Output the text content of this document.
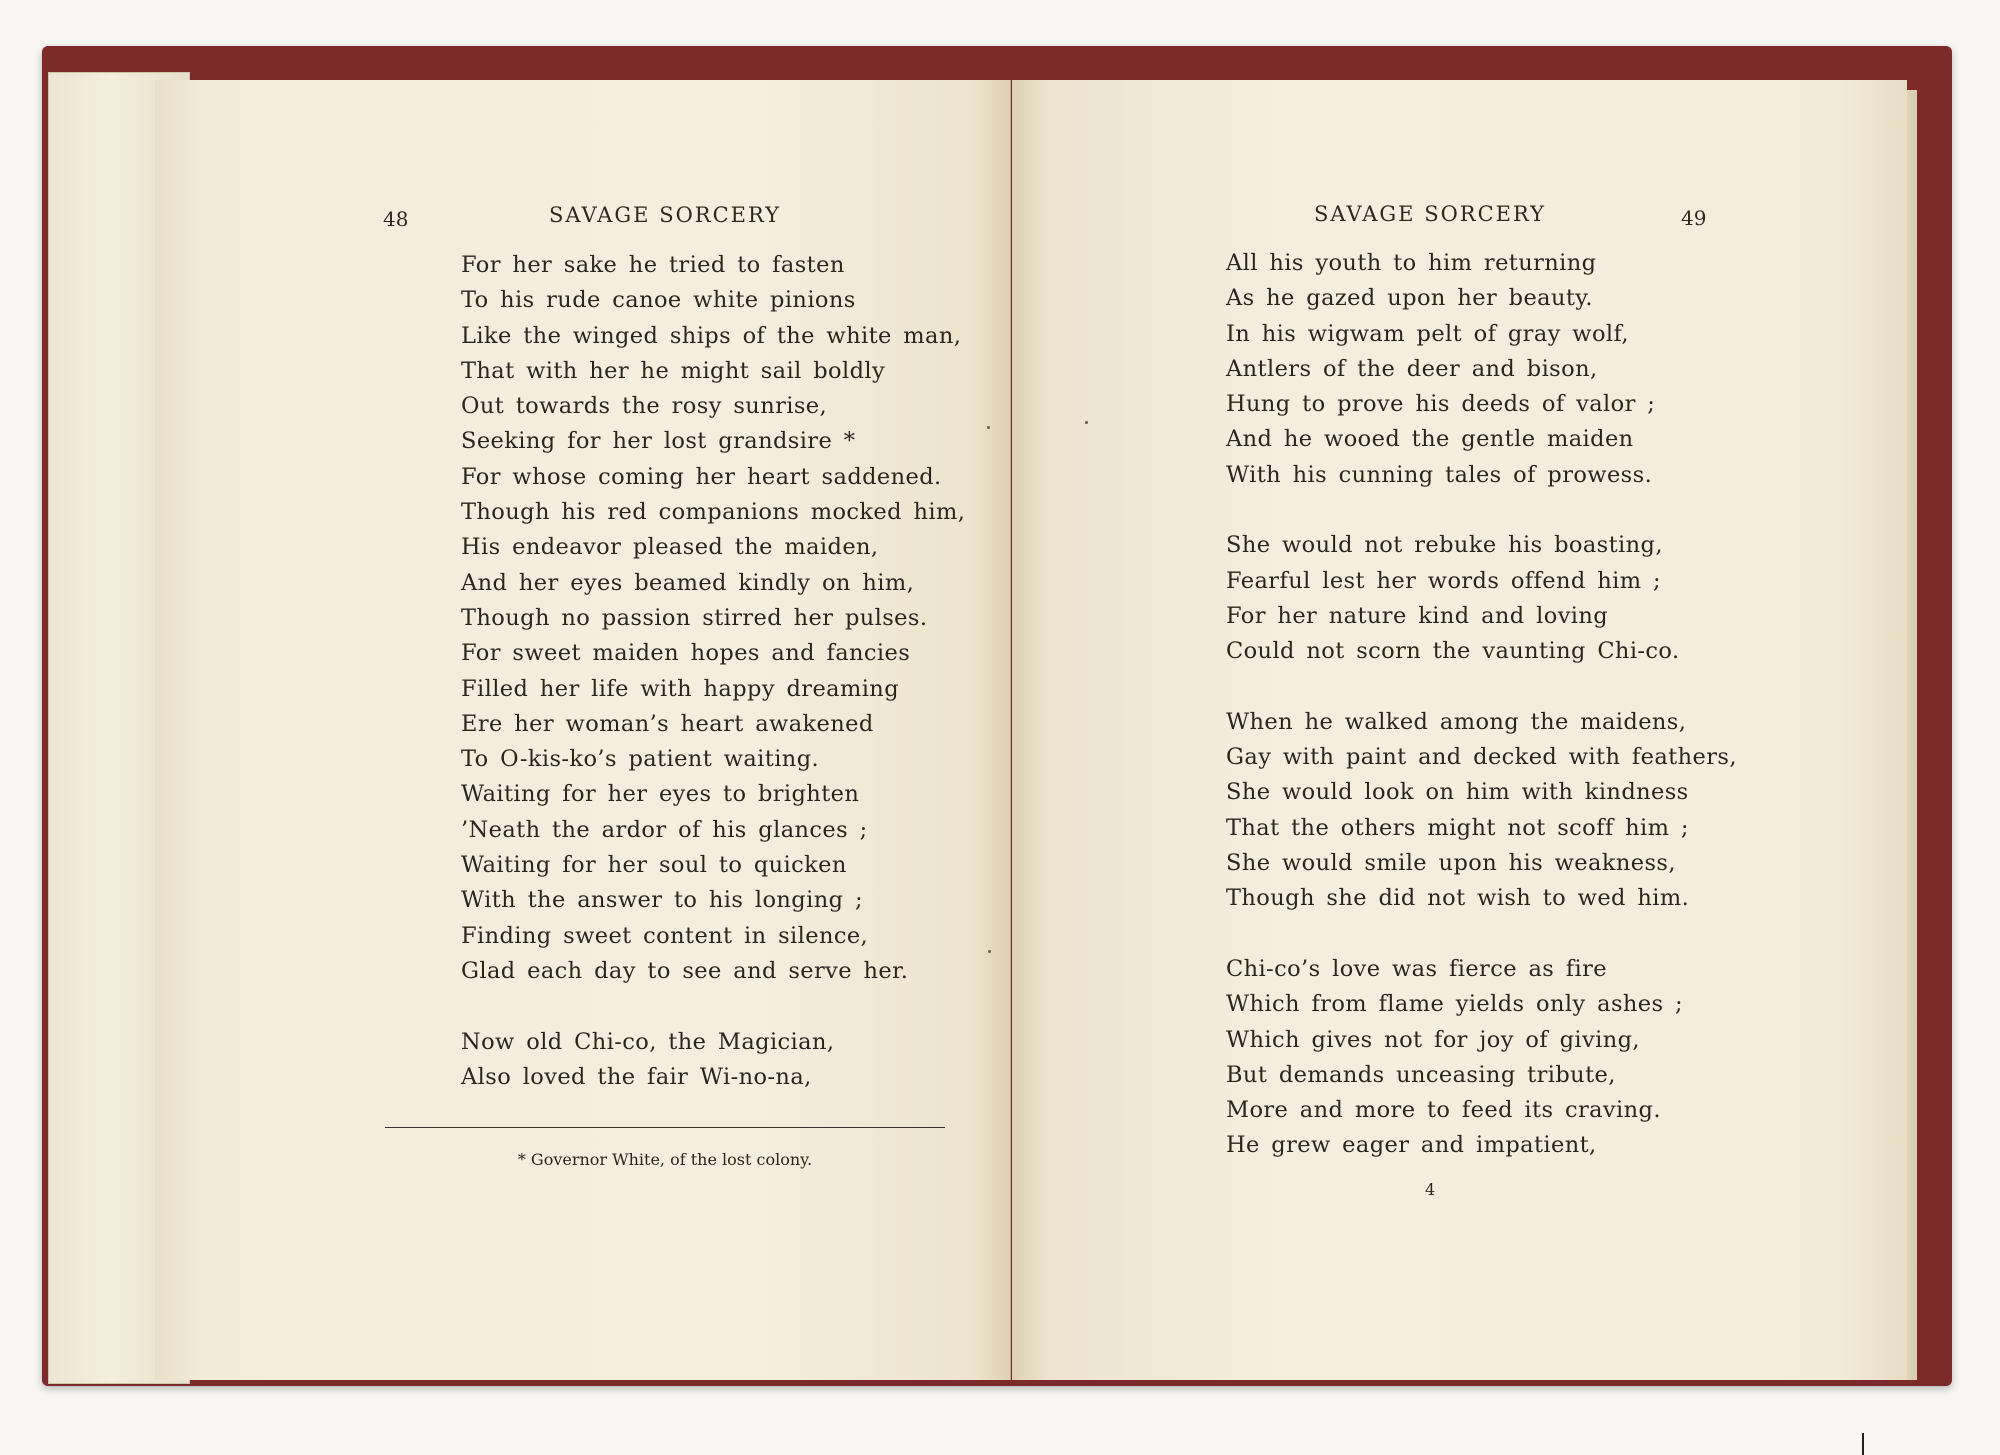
48	SAVAGE SORCERY
For her sake he tried to fasten
To his rude canoe white pinions
Like the winged ships of the white man,
That with her he might sail boldly
Out towards the rosy sunrise,
Seeking for her lost grandsire *
For whose coming her heart saddened.
Though his red companions mocked him,
His endeavor pleased the maiden,
And her eyes beamed kindly on him,
Though no passion stirred her pulses.
For sweet maiden hopes and fancies
Filled her life with happy dreaming
Ere her woman’s heart awakened
To O-kis-ko’s patient waiting.
Waiting for her eyes to brighten
’Neath the ardor of his glances ;
Waiting for her soul to quicken
With the answer to his longing ;
Finding sweet content in silence,
Glad each day to see and serve her.
Now old Chi-co, the Magician,
Also loved the fair Wi-no-na,
* Governor White, of the lost colony.
SAVAGE SORCERY	49
All his youth to him returning
As he gazed upon her beauty.
In his wigwam pelt of gray wolf,
Antlers of the deer and bison,
Hung to prove his deeds of valor ;
And he wooed the gentle maiden
With his cunning tales of prowess.
She would not rebuke his boasting,
Fearful lest her words offend him ;
For her nature kind and loving
Could not scorn the vaunting Chi-co.
When he walked among the maidens,
Gay with paint and decked with feathers,
She would look on him with kindness
That the others might not scoff him ;
She would smile upon his weakness,
Though she did not wish to wed him.
Chi-co’s love was fierce as fire
Which from flame yields only ashes ;
Which gives not for joy of giving,
But demands unceasing tribute,
More and more to feed its craving.
He grew eager and impatient,
4
